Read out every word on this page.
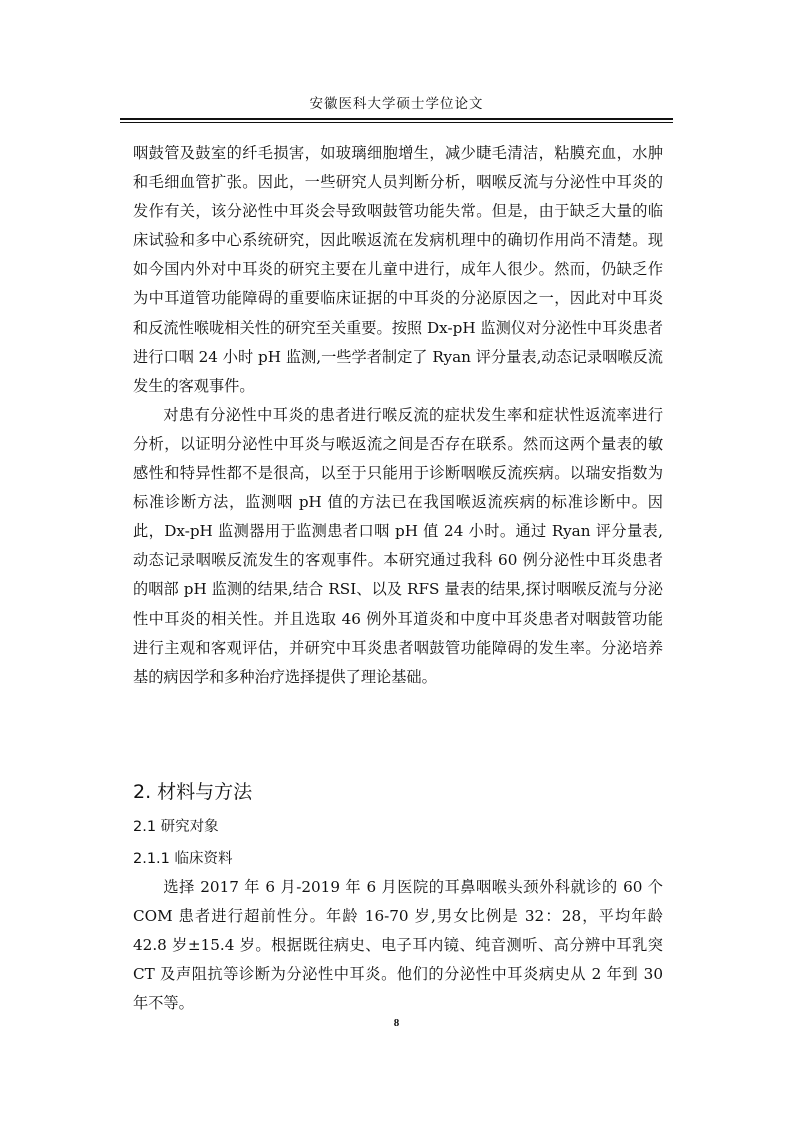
安徽医科大学硕士学位论文

咽鼓管及鼓室的纤毛损害，如玻璃细胞增生，减少睫毛清洁，粘膜充血，水肿和毛细血管扩张。因此，一些研究人员判断分析，咽喉反流与分泌性中耳炎的发作有关，该分泌性中耳炎会导致咽鼓管功能失常。但是，由于缺乏大量的临床试验和多中心系统研究，因此喉返流在发病机理中的确切作用尚不清楚。现如今国内外对中耳炎的研究主要在儿童中进行，成年人很少。然而，仍缺乏作为中耳道管功能障碍的重要临床证据的中耳炎的分泌原因之一，因此对中耳炎和反流性喉咙相关性的研究至关重要。按照 Dx-pH 监测仪对分泌性中耳炎患者进行口咽 24 小时 pH 监测,一些学者制定了 Ryan 评分量表,动态记录咽喉反流发生的客观事件。

对患有分泌性中耳炎的患者进行喉反流的症状发生率和症状性返流率进行分析，以证明分泌性中耳炎与喉返流之间是否存在联系。然而这两个量表的敏感性和特异性都不是很高，以至于只能用于诊断咽喉反流疾病。以瑞安指数为标准诊断方法，监测咽 pH 值的方法已在我国喉返流疾病的标准诊断中。因此，Dx-pH 监测器用于监测患者口咽 pH 值 24 小时。通过 Ryan 评分量表,动态记录咽喉反流发生的客观事件。本研究通过我科 60 例分泌性中耳炎患者的咽部 pH 监测的结果,结合 RSI、以及 RFS 量表的结果,探讨咽喉反流与分泌性中耳炎的相关性。并且选取 46 例外耳道炎和中度中耳炎患者对咽鼓管功能进行主观和客观评估，并研究中耳炎患者咽鼓管功能障碍的发生率。分泌培养基的病因学和多种治疗选择提供了理论基础。

2. 材料与方法
2.1 研究对象
2.1.1 临床资料

选择 2017 年 6 月-2019 年 6 月医院的耳鼻咽喉头颈外科就诊的 60 个 COM 患者进行超前性分。年龄 16-70 岁,男女比例是 32：28，平均年龄 42.8 岁±15.4 岁。根据既往病史、电子耳内镜、纯音测听、高分辨中耳乳突 CT 及声阻抗等诊断为分泌性中耳炎。他们的分泌性中耳炎病史从 2 年到 30 年不等。

8
